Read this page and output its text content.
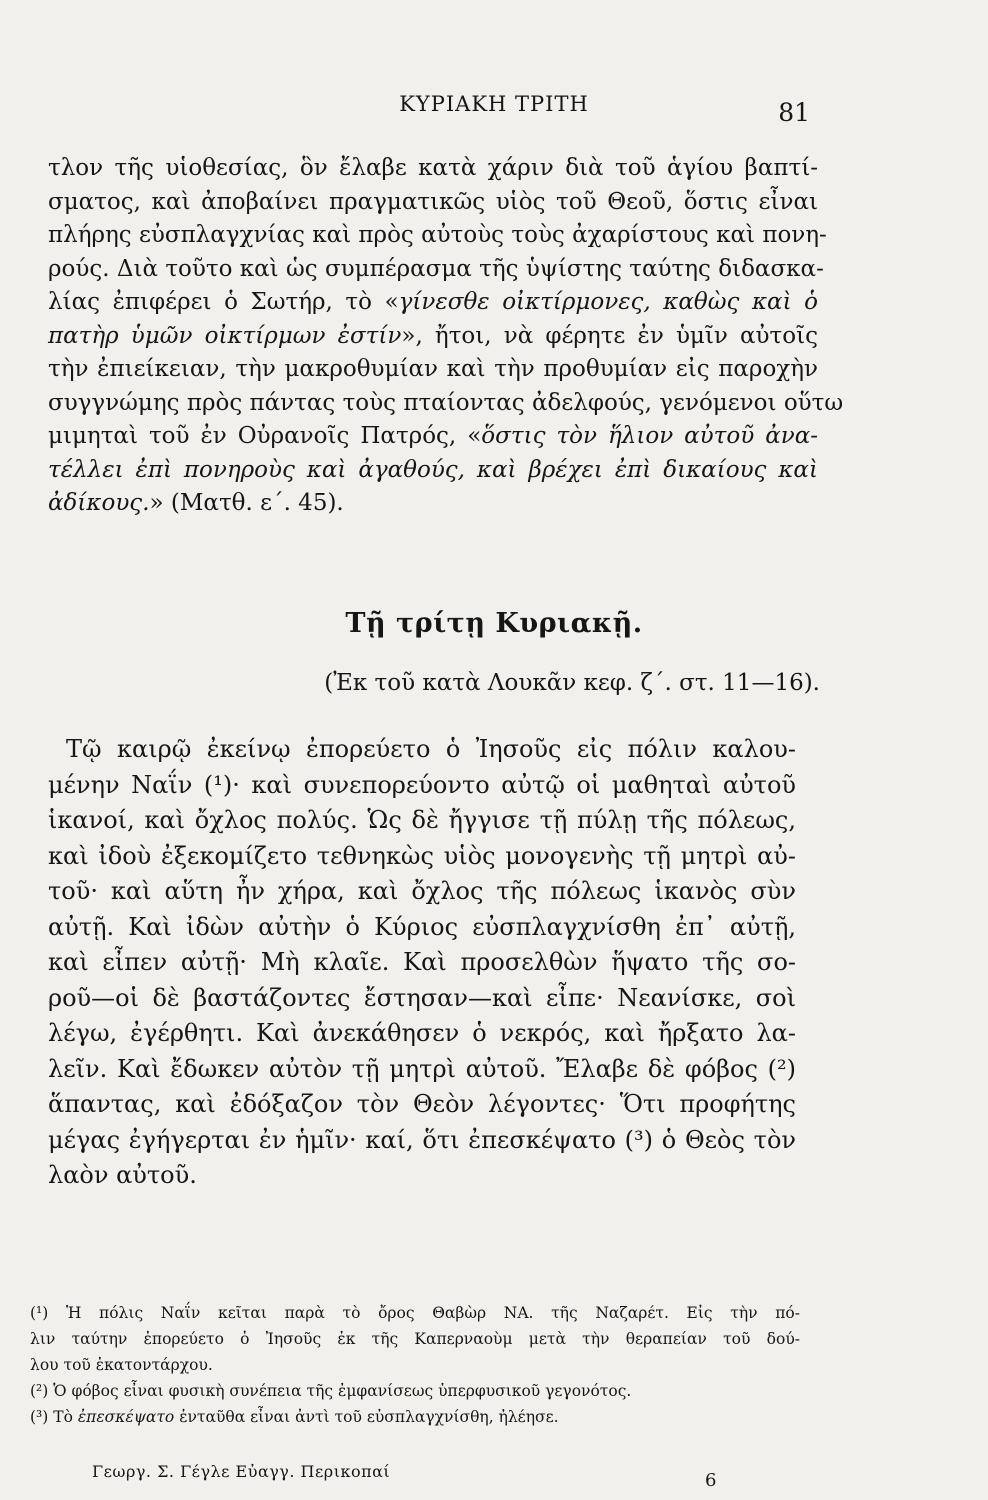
ΚΥΡΙΑΚΗ ΤΡΙΤΗ	81
τλον τῆς υἱοθεσίας, ὃν ἔλαβε κατὰ χάριν διὰ τοῦ ἁγίου βαπτί-
σματος, καὶ ἀποβαίνει πραγματικῶς υἱὸς τοῦ Θεοῦ, ὅστις εἶναι
πλήρης εὐσπλαγχνίας καὶ πρὸς αὐτοὺς τοὺς ἀχαρίστους καὶ πονη-
ρούς. Διὰ τοῦτο καὶ ὡς συμπέρασμα τῆς ὑψίστης ταύτης διδασκα-
λίας ἐπιφέρει ὁ Σωτήρ, τὸ «γίνεσθε οἰκτίρμονες, καθὼς καὶ ὁ
πατὴρ ὑμῶν οἰκτίρμων ἐστίν», ἤτοι, νὰ φέρητε ἐν ὑμῖν αὐτοῖς
τὴν ἐπιείκειαν, τὴν μακροθυμίαν καὶ τὴν προθυμίαν εἰς παροχὴν
συγγνώμης πρὸς πάντας τοὺς πταίοντας ἀδελφούς, γενόμενοι οὕτω
μιμηταὶ τοῦ ἐν Οὐρανοῖς Πατρός, «ὅστις τὸν ἥλιον αὐτοῦ ἀνα-
τέλλει ἐπὶ πονηροὺς καὶ ἀγαθούς, καὶ βρέχει ἐπὶ δικαίους καὶ
ἀδίκους.» (Ματθ. ε΄. 45).
Τῇ τρίτῃ Κυριακῇ.
(Ἐκ τοῦ κατὰ Λουκᾶν κεφ. ζ΄. στ. 11—16).
Τῷ καιρῷ ἐκείνῳ ἐπορεύετο ὁ Ἰησοῦς εἰς πόλιν καλου-
μένην Ναΐν (¹)· καὶ συνεπορεύοντο αὐτῷ οἱ μαθηταὶ αὐτοῦ
ἱκανοί, καὶ ὄχλος πολύς. Ὡς δὲ ἤγγισε τῇ πύλῃ τῆς πόλεως,
καὶ ἰδοὺ ἐξεκομίζετο τεθνηκὼς υἱὸς μονογενὴς τῇ μητρὶ αὐ-
τοῦ· καὶ αὕτη ἦν χήρα, καὶ ὄχλος τῆς πόλεως ἱκανὸς σὺν
αὐτῇ. Καὶ ἰδὼν αὐτὴν ὁ Κύριος εὐσπλαγχνίσθη ἐπ᾽ αὐτῇ,
καὶ εἶπεν αὐτῇ· Μὴ κλαῖε. Καὶ προσελθὼν ἥψατο τῆς σο-
ροῦ—οἱ δὲ βαστάζοντες ἔστησαν—καὶ εἶπε· Νεανίσκε, σοὶ
λέγω, ἐγέρθητι. Καὶ ἀνεκάθησεν ὁ νεκρός, καὶ ἤρξατο λα-
λεῖν. Καὶ ἔδωκεν αὐτὸν τῇ μητρὶ αὐτοῦ. Ἔλαβε δὲ φόβος (²)
ἅπαντας, καὶ ἐδόξαζον τὸν Θεὸν λέγοντες· Ὅτι προφήτης
μέγας ἐγήγερται ἐν ἡμῖν· καί, ὅτι ἐπεσκέψατο (³) ὁ Θεὸς τὸν
λαὸν αὐτοῦ.
(¹) Ἡ πόλις Ναΐν κεῖται παρὰ τὸ ὄρος Θαβὼρ ΝΑ. τῆς Ναζαρέτ. Εἰς τὴν πό-
λιν ταύτην ἐπορεύετο ὁ Ἰησοῦς ἐκ τῆς Καπερναοὺμ μετὰ τὴν θεραπείαν τοῦ δού-
λου τοῦ ἑκατοντάρχου.
(²) Ὁ φόβος εἶναι φυσικὴ συνέπεια τῆς ἐμφανίσεως ὑπερφυσικοῦ γεγονότος.
(³) Τὸ ἐπεσκέψατο ἐνταῦθα εἶναι ἀντὶ τοῦ εὐσπλαγχνίσθη, ἠλέησε.
Γεωργ. Σ. Γέγλε Εὐαγγ. Περικοπαί	6
